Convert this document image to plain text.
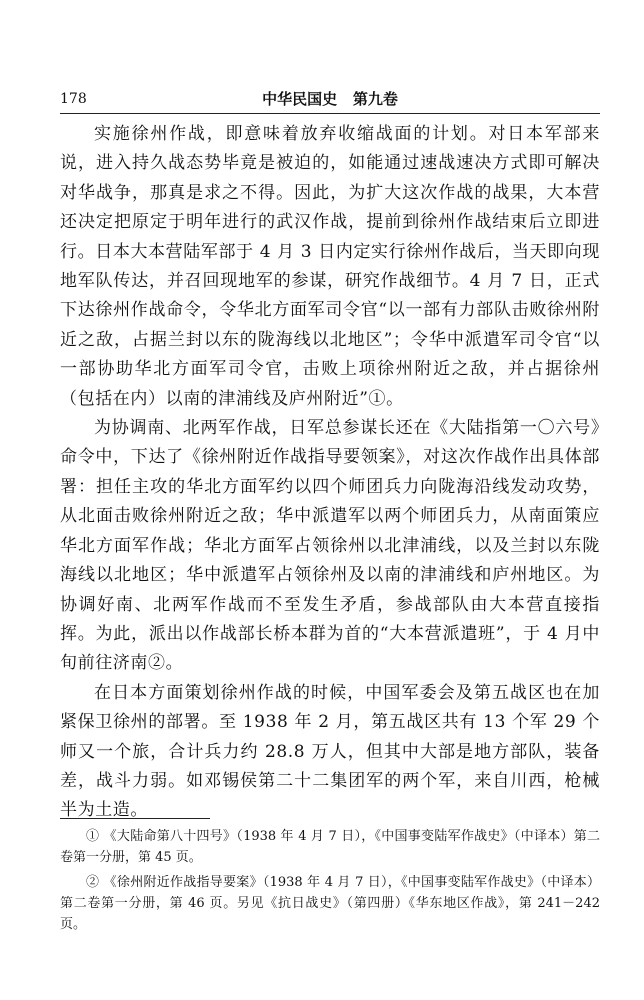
178	中华民国史   第九卷

实施徐州作战，即意味着放弃收缩战面的计划。对日本军部来说，进入持久战态势毕竟是被迫的，如能通过速战速决方式即可解决对华战争，那真是求之不得。因此，为扩大这次作战的战果，大本营还决定把原定于明年进行的武汉作战，提前到徐州作战结束后立即进行。日本大本营陆军部于 4 月 3 日内定实行徐州作战后，当天即向现地军队传达，并召回现地军的参谋，研究作战细节。4 月 7 日，正式下达徐州作战命令，令华北方面军司令官“以一部有力部队击败徐州附近之敌，占据兰封以东的陇海线以北地区”；令华中派遣军司令官“以一部协助华北方面军司令官，击败上项徐州附近之敌，并占据徐州（包括在内）以南的津浦线及庐州附近”①。

为协调南、北两军作战，日军总参谋长还在《大陆指第一〇六号》命令中，下达了《徐州附近作战指导要领案》，对这次作战作出具体部署：担任主攻的华北方面军约以四个师团兵力向陇海沿线发动攻势，从北面击败徐州附近之敌；华中派遣军以两个师团兵力，从南面策应华北方面军作战；华北方面军占领徐州以北津浦线，以及兰封以东陇海线以北地区；华中派遣军占领徐州及以南的津浦线和庐州地区。为协调好南、北两军作战而不至发生矛盾，参战部队由大本营直接指挥。为此，派出以作战部长桥本群为首的“大本营派遣班”，于 4 月中旬前往济南②。

在日本方面策划徐州作战的时候，中国军委会及第五战区也在加紧保卫徐州的部署。至 1938 年 2 月，第五战区共有 13 个军 29 个师又一个旅，合计兵力约 28.8 万人，但其中大部是地方部队，装备差，战斗力弱。如邓锡侯第二十二集团军的两个军，来自川西，枪械半为土造。

① 《大陆命第八十四号》（1938 年 4 月 7 日），《中国事变陆军作战史》（中译本）第二卷第一分册，第 45 页。

② 《徐州附近作战指导要案》（1938 年 4 月 7 日），《中国事变陆军作战史》（中译本）第二卷第一分册，第 46 页。另见《抗日战史》（第四册）《华东地区作战》，第 241－242 页。
